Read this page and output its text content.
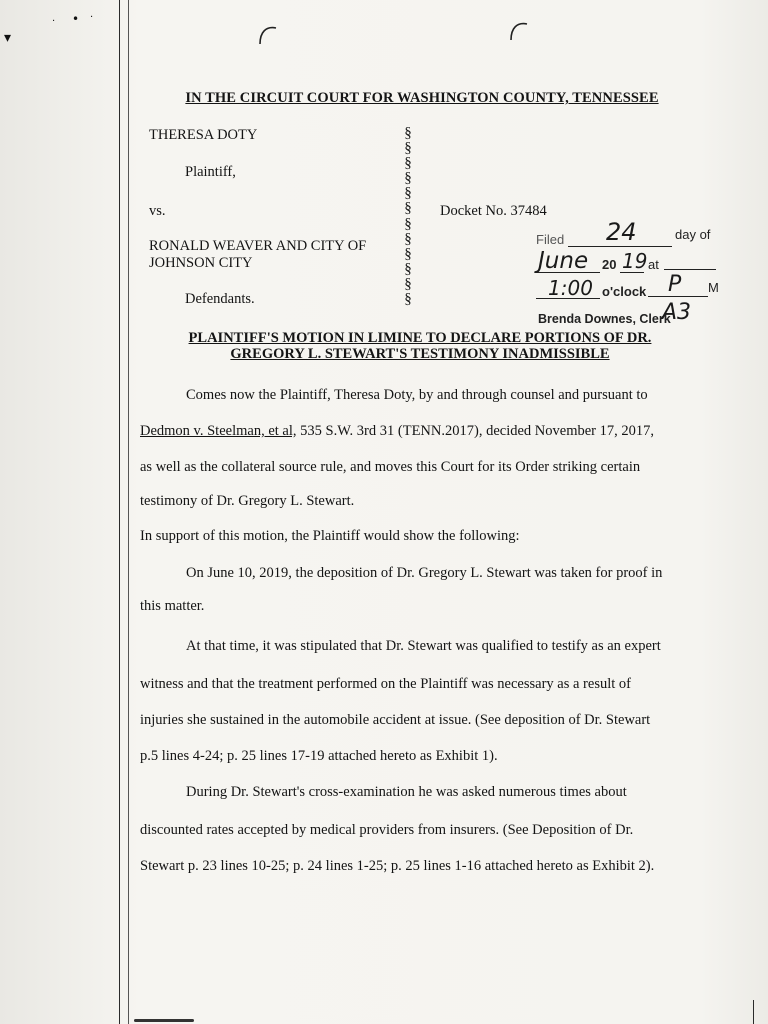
▾
· • ·
IN THE CIRCUIT COURT FOR WASHINGTON COUNTY, TENNESSEE
THERESA DOTY
Plaintiff,
vs.
RONALD WEAVER AND CITY OF
JOHNSON CITY
Defendants.
§
§
§
§
§
§
§
§
§
§
§
§
Docket No. 37484
Filed 24	day of
June 20 19 at
1:00 o'clock P M
Brenda Downes, Clerk
A3
PLAINTIFF'S MOTION IN LIMINE TO DECLARE PORTIONS OF DR.
GREGORY L. STEWART'S TESTIMONY INADMISSIBLE
Comes now the Plaintiff, Theresa Doty, by and through counsel and pursuant to
Dedmon v. Steelman, et al, 535 S.W. 3rd 31 (TENN.2017), decided November 17, 2017,
as well as the collateral source rule, and moves this Court for its Order striking certain
testimony of Dr. Gregory L. Stewart.
In support of this motion, the Plaintiff would show the following:
On June 10, 2019, the deposition of Dr. Gregory L. Stewart was taken for proof in
this matter.
At that time, it was stipulated that Dr. Stewart was qualified to testify as an expert
witness and that the treatment performed on the Plaintiff was necessary as a result of
injuries she sustained in the automobile accident at issue. (See deposition of Dr. Stewart
p.5 lines 4-24; p. 25 lines 17-19 attached hereto as Exhibit 1).
During Dr. Stewart's cross-examination he was asked numerous times about
discounted rates accepted by medical providers from insurers. (See Deposition of Dr.
Stewart p. 23 lines 10-25; p. 24 lines 1-25; p. 25 lines 1-16 attached hereto as Exhibit 2).
